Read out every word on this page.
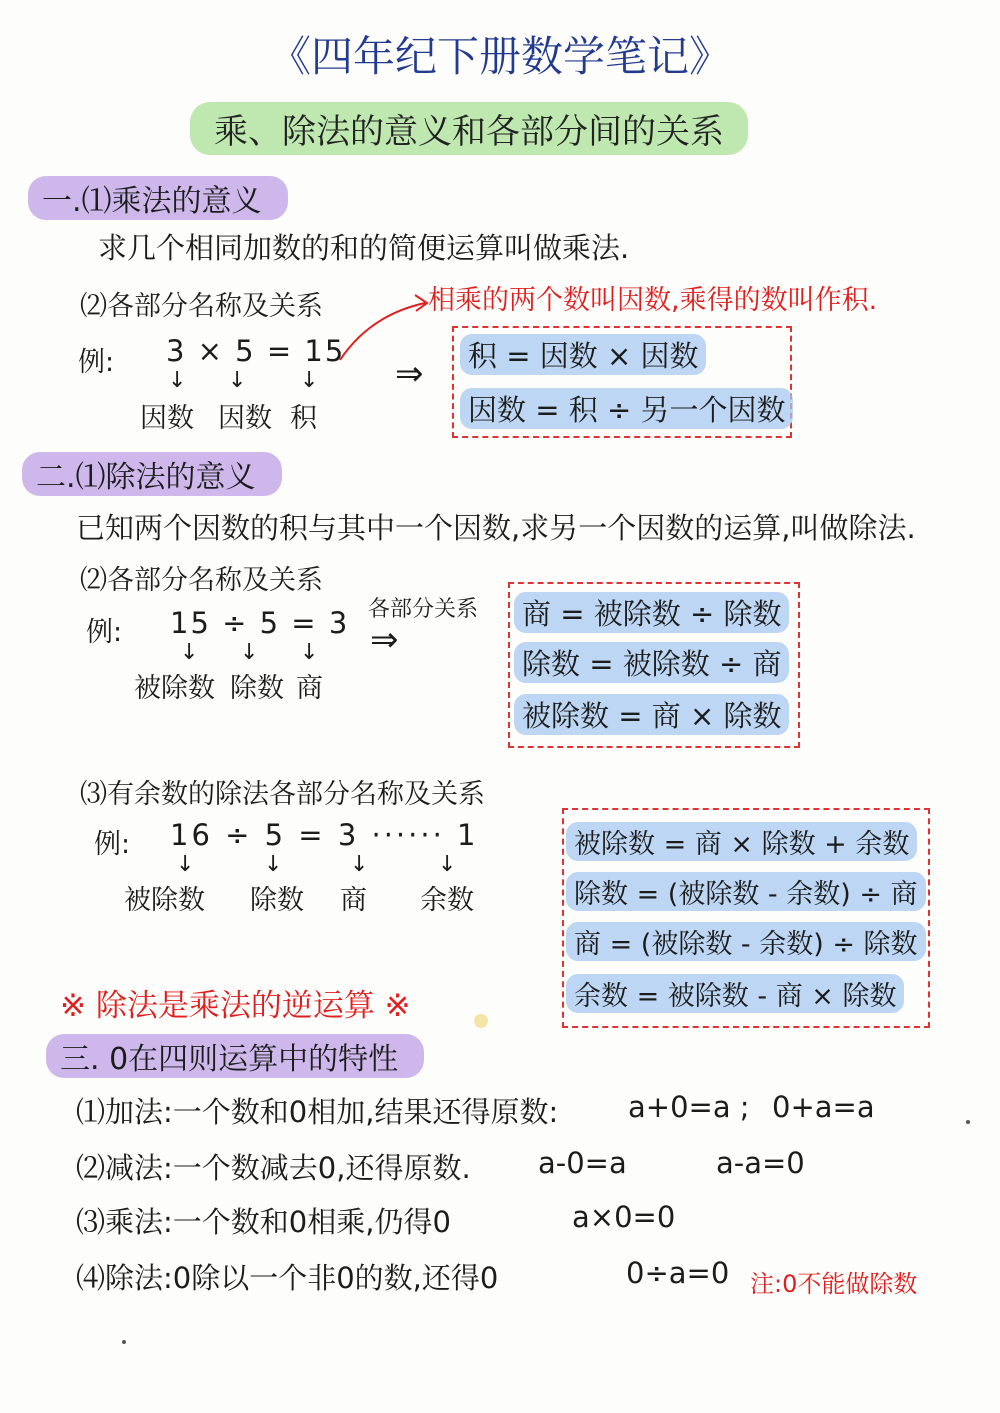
《四年纪下册数学笔记》
乘、除法的意义和各部分间的关系
一.⑴乘法的意义
求几个相同加数的和的简便运算叫做乘法.
⑵各部分名称及关系	相乘的两个数叫因数,乘得的数叫作积.
例: 3 × 5 = 15
↓ ↓ ↓
因数 因数 积
⇒ 积 = 因数 × 因数
因数 = 积 ÷ 另一个因数
二.⑴除法的意义
已知两个因数的积与其中一个因数,求另一个因数的运算,叫做除法.
⑵各部分名称及关系
例: 15 ÷ 5 = 3
↓ ↓ ↓
被除数 除数 商
各部分关系
⇒
商 = 被除数 ÷ 除数
除数 = 被除数 ÷ 商
被除数 = 商 × 除数
⑶有余数的除法各部分名称及关系
例: 16 ÷ 5 = 3 ······ 1
↓	↓	↓	↓
被除数 除数 商 余数
被除数 = 商 × 除数 + 余数
除数 = (被除数 - 余数) ÷ 商
商 = (被除数 - 余数) ÷ 除数
余数 = 被除数 - 商 × 除数
※ 除法是乘法的逆运算 ※
三. 0在四则运算中的特性
⑴加法:一个数和0相加,结果还得原数: a+0=a ; 0+a=a
⑵减法:一个数减去0,还得原数. a-0=a	a-a=0
⑶乘法:一个数和0相乘,仍得0	a×0=0
⑷除法:0除以一个非0的数,还得0	0÷a=0 注:0不能做除数
